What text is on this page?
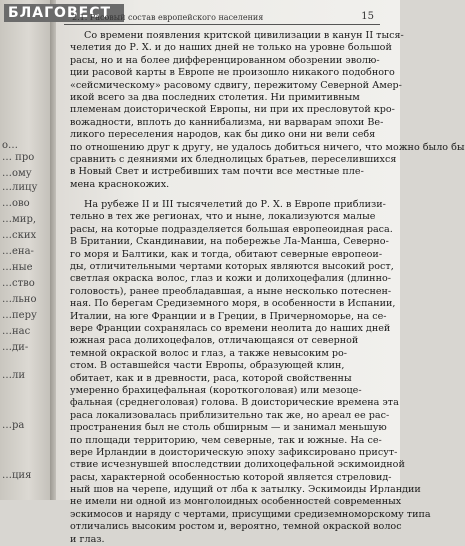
о…
… прo
…ому
…лицу
…ово
…мир,
…ских
…ена-
…ные
…ство
…льно
…перу
…нас
…ди-
…ли
…ра
…ция
БЛАГОВЕСТ
2.1. Расовый состав европейского населения	15
Со времени появления критской цивилизации в канун II тыся-
челетия до Р. Х. и до наших дней не только на уровне большой
расы, но и на более дифференцированном обозрении эволю-
ции расовой карты в Европе не произошло никакого подобного
«сейсмическому» расовому сдвигу, пережитому Северной Амер-
икой всего за два последних столетия. Ни примитивным
племенам доисторической Европы, ни при их пресловутой кро-
вожадности, вплоть до каннибализма, ни варварам эпохи Ве-
ликого переселения народов, как бы дико они ни вели себя
по отношению друг к другу, не удалось добиться ничего, что можно было бы
сравнить с деяниями их бледнолицых братьев, переселившихся
в Новый Свет и истребивших там почти все местные пле-
мена краснокожих.
На рубеже II и III тысячелетий до Р. Х. в Европе приблизи-
тельно в тех же регионах, что и ныне, локализуются малые
расы, на которые подразделяется большая европеоидная раса.
В Британии, Скандинавии, на побережье Ла-Манша, Северно-
го моря и Балтики, как и тогда, обитают северные европеои-
ды, отличительными чертами которых являются высокий рост,
светлая окраска волос, глаз и кожи и долихоцефалия (длинно-
головость), ранее преобладавшая, а ныне несколько потеснен-
ная. По берегам Средиземного моря, в особенности в Испании,
Италии, на юге Франции и в Греции, в Причерноморье, на се-
вере Франции сохранялась со времени неолита до наших дней
южная раса долихоцефалов, отличающаяся от северной
темной окраской волос и глаз, а также невысоким ро-
стом. В оставшейся части Европы, образующей клин,
обитает, как и в древности, раса, которой свойственны
умеренно брахицефальная (короткоголовая) или мезоце-
фальная (среднеголовая) голова. В доисторические времена эта
раса локализовалась приблизительно так же, но ареал ее рас-
пространения был не столь обширным — и занимал меньшую
по площади территорию, чем северные, так и южные. На се-
вере Ирландии в доисторическую эпоху зафиксировано присут-
ствие исчезнувшей впоследствии долихоцефальной эскимоидной
расы, характерной особенностью которой является стреловид-
ный шов на черепе, идущий от лба к затылку. Эскимоиды Ирландии
не имели ни одной из монголоидных особенностей современных
эскимосов и наряду с чертами, присущими средиземноморскому типа
отличались высоким ростом и, вероятно, темной окраской волос
и глаз.
